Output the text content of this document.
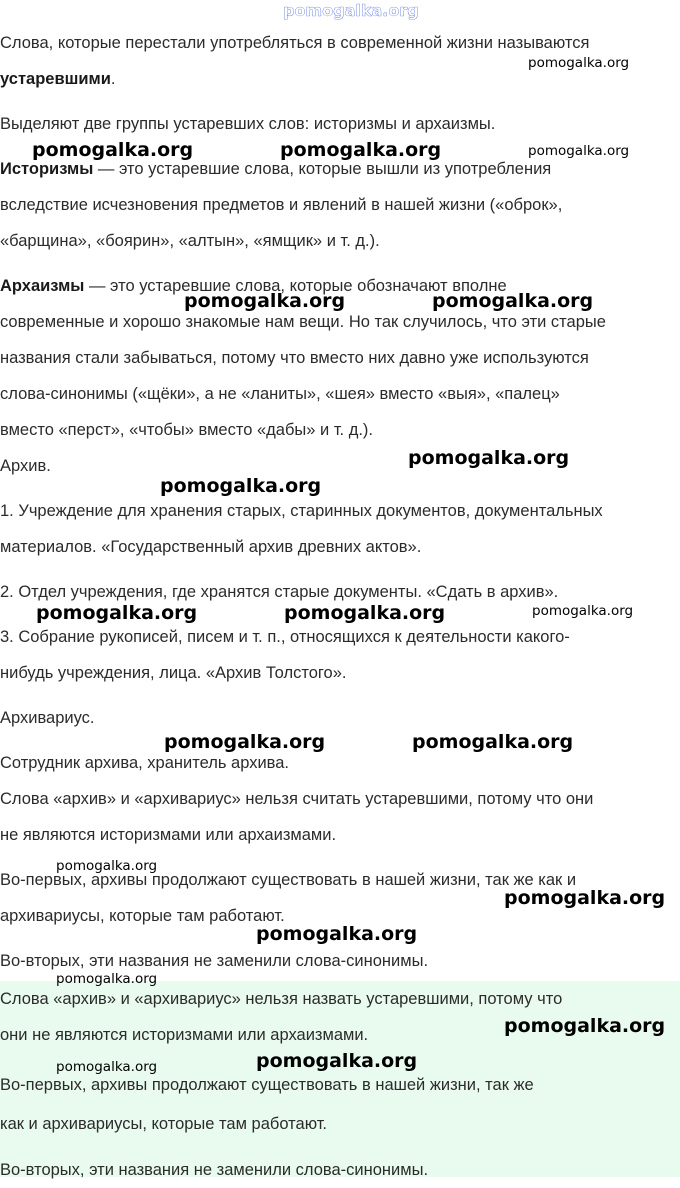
pomogalka.org
Слова, которые перестали употребляться в современной жизни называются
устаревшими.
Выделяют две группы устаревших слов: историзмы и архаизмы.
Историзмы — это устаревшие слова, которые вышли из употребления
вследствие исчезновения предметов и явлений в нашей жизни («оброк»,
«барщина», «боярин», «алтын», «ямщик» и т. д.).
Архаизмы — это устаревшие слова, которые обозначают вполне
современные и хорошо знакомые нам вещи. Но так случилось, что эти старые
названия стали забываться, потому что вместо них давно уже используются
слова-синонимы («щёки», а не «ланиты», «шея» вместо «выя», «палец»
вместо «перст», «чтобы» вместо «дабы» и т. д.).
Архив.
1. Учреждение для хранения старых, старинных документов, документальных
материалов. «Государственный архив древних актов».
2. Отдел учреждения, где хранятся старые документы. «Сдать в архив».
3. Собрание рукописей, писем и т. п., относящихся к деятельности какого-
нибудь учреждения, лица. «Архив Толстого».
Архивариус.
Сотрудник архива, хранитель архива.
Слова «архив» и «архивариус» нельзя считать устаревшими, потому что они
не являются историзмами или архаизмами.
Во-первых, архивы продолжают существовать в нашей жизни, так же как и
архивариусы, которые там работают.
Во-вторых, эти названия не заменили слова-синонимы.
Слова «архив» и «архивариус» нельзя назвать устаревшими, потому что
они не являются историзмами или архаизмами.
Во-первых, архивы продолжают существовать в нашей жизни, так же
как и архивариусы, которые там работают.
Во-вторых, эти названия не заменили слова-синонимы.
pomogalka.org
pomogalka.org	pomogalka.org	pomogalka.org
pomogalka.org	pomogalka.org
pomogalka.org
pomogalka.org
pomogalka.org	pomogalka.org	pomogalka.org
pomogalka.org	pomogalka.org
pomogalka.org
pomogalka.org
pomogalka.org
pomogalka.org
pomogalka.org
pomogalka.org
pomogalka.org
